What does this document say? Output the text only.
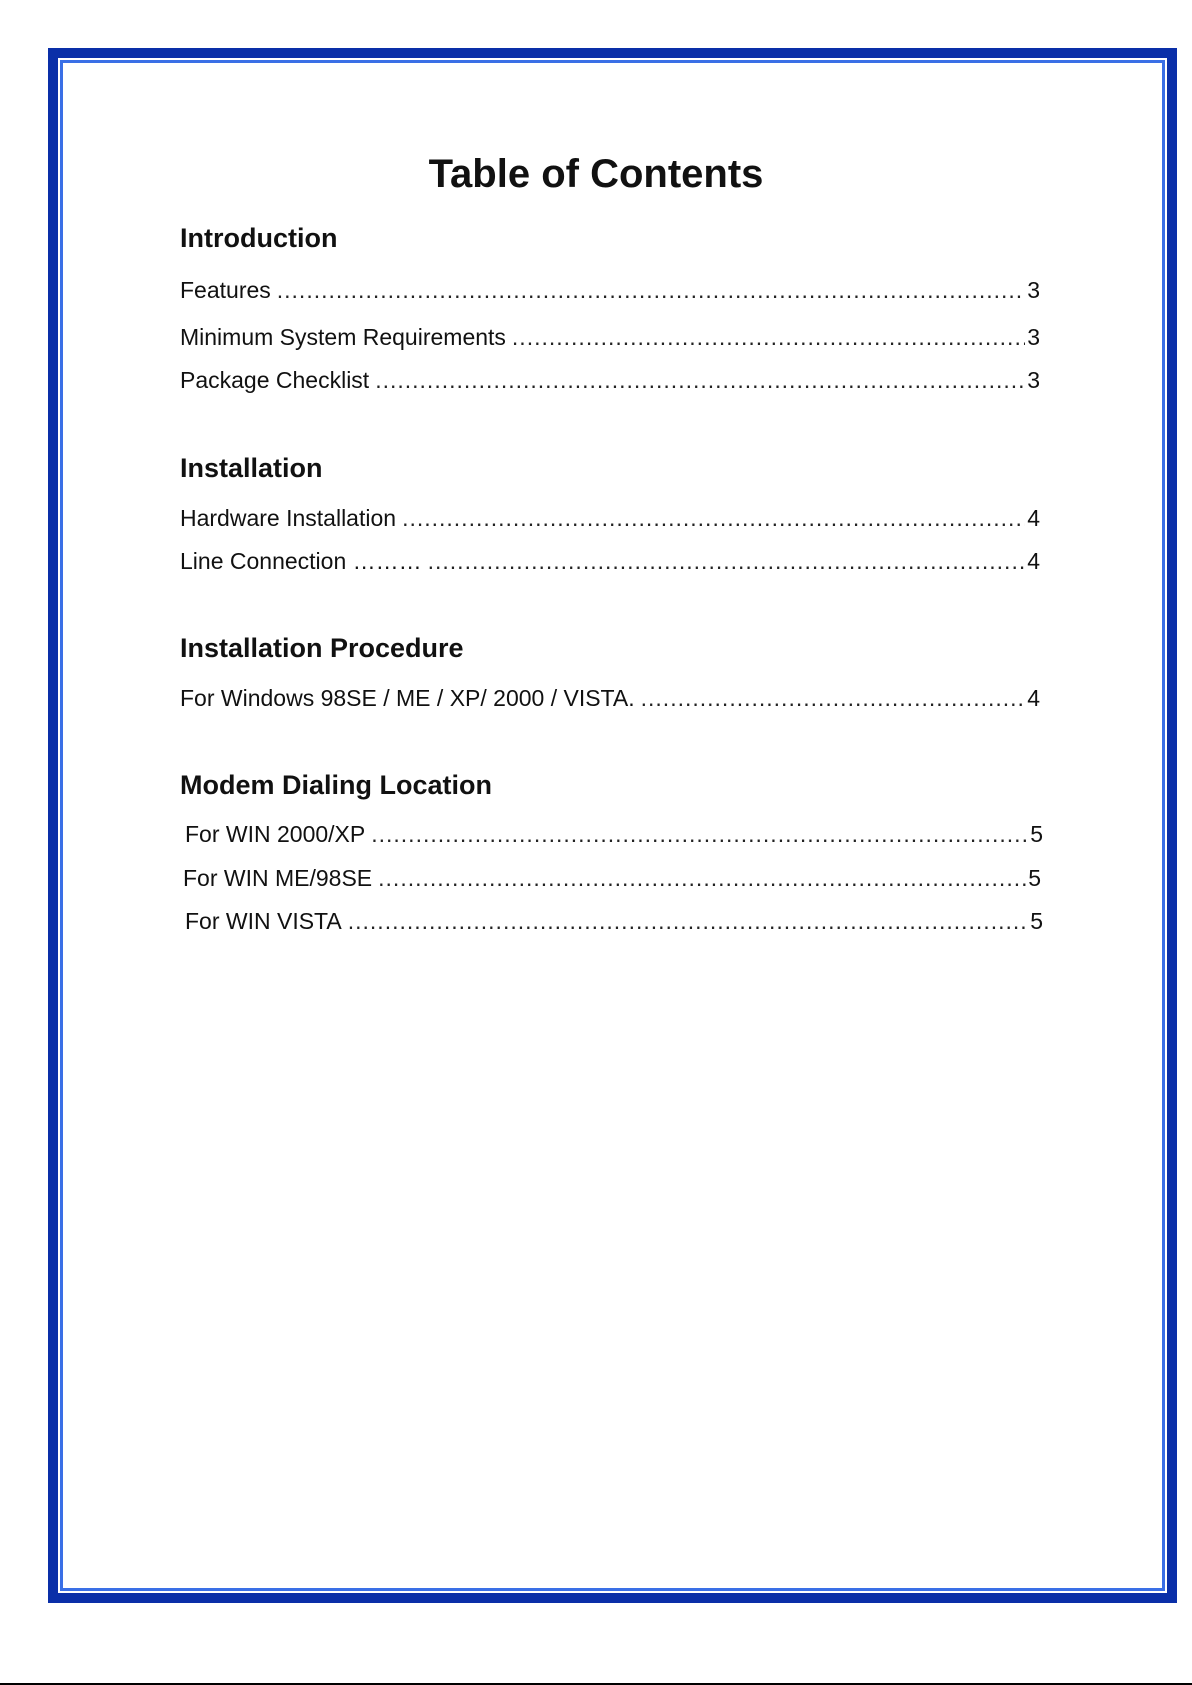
Table of Contents
Introduction
Features .....	3
Minimum System Requirements .....	3
Package Checklist .....	3
Installation
Hardware Installation .....	4
Line Connection ……… .....	4
Installation Procedure
For Windows 98SE / ME / XP/ 2000 / VISTA. .....	4
Modem Dialing Location
For WIN 2000/XP .....	5
For WIN ME/98SE .....	5
For WIN VISTA .....	5
